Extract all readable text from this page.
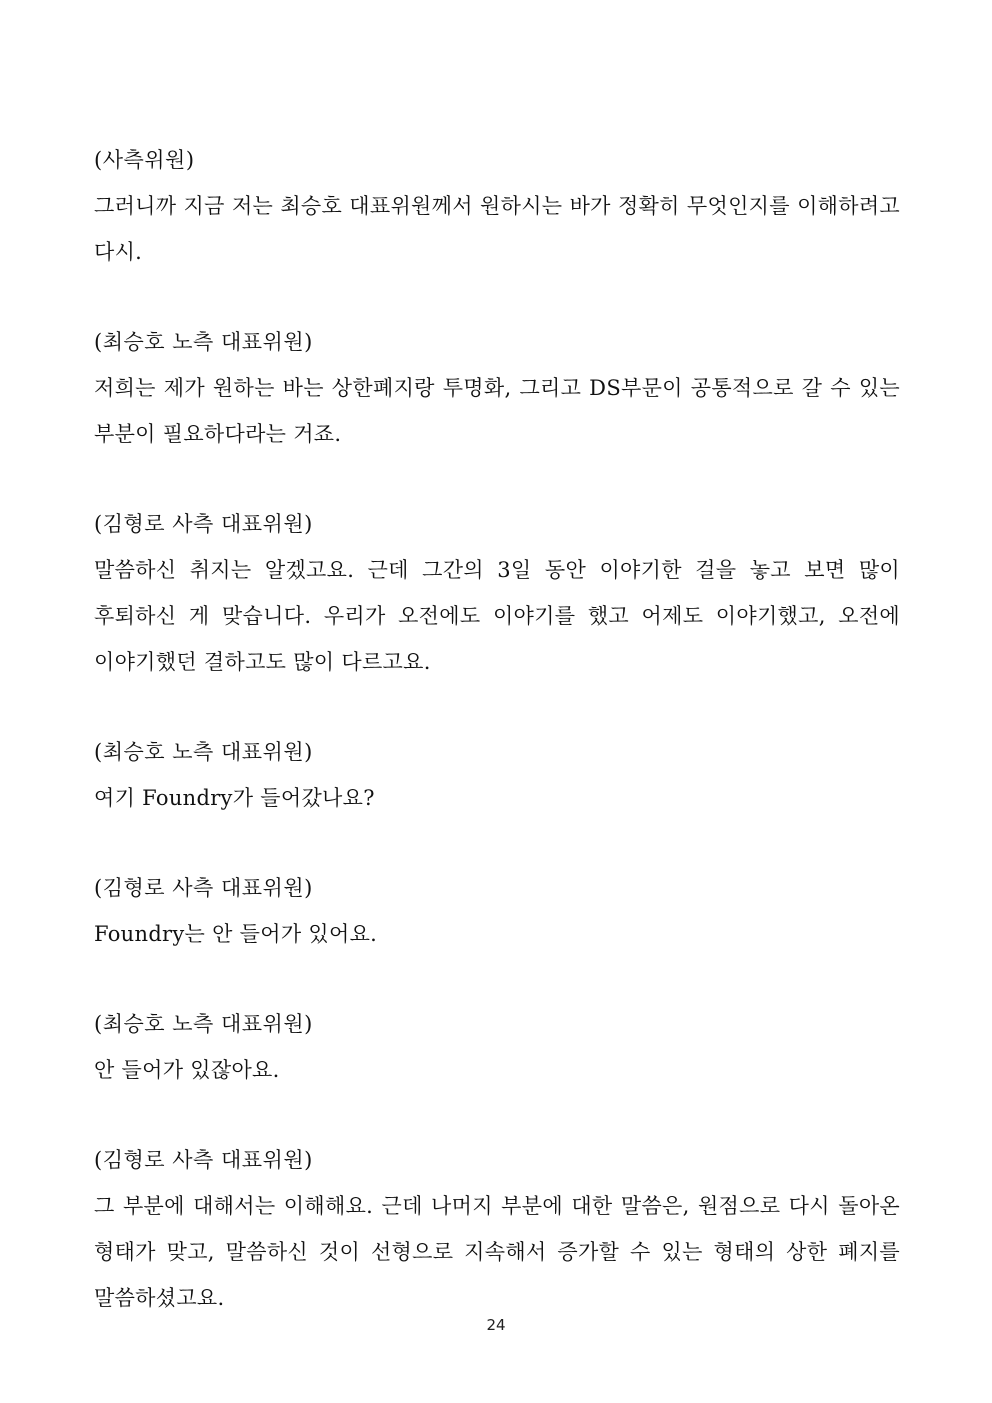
(사측위원)
그러니까 지금 저는 최승호 대표위원께서 원하시는 바가 정확히 무엇인지를 이해하려고 다시.
(최승호 노측 대표위원)
저희는 제가 원하는 바는 상한폐지랑 투명화, 그리고 DS부문이 공통적으로 갈 수 있는 부분이 필요하다라는 거죠.
(김형로 사측 대표위원)
말씀하신 취지는 알겠고요. 근데 그간의 3일 동안 이야기한 걸을 놓고 보면 많이 후퇴하신 게 맞습니다. 우리가 오전에도 이야기를 했고 어제도 이야기했고, 오전에 이야기했던 결하고도 많이 다르고요.
(최승호 노측 대표위원)
여기 Foundry가 들어갔나요?
(김형로 사측 대표위원)
Foundry는 안 들어가 있어요.
(최승호 노측 대표위원)
안 들어가 있잖아요.
(김형로 사측 대표위원)
그 부분에 대해서는 이해해요. 근데 나머지 부분에 대한 말씀은, 원점으로 다시 돌아온 형태가 맞고, 말씀하신 것이 선형으로 지속해서 증가할 수 있는 형태의 상한 폐지를 말씀하셨고요.
24
